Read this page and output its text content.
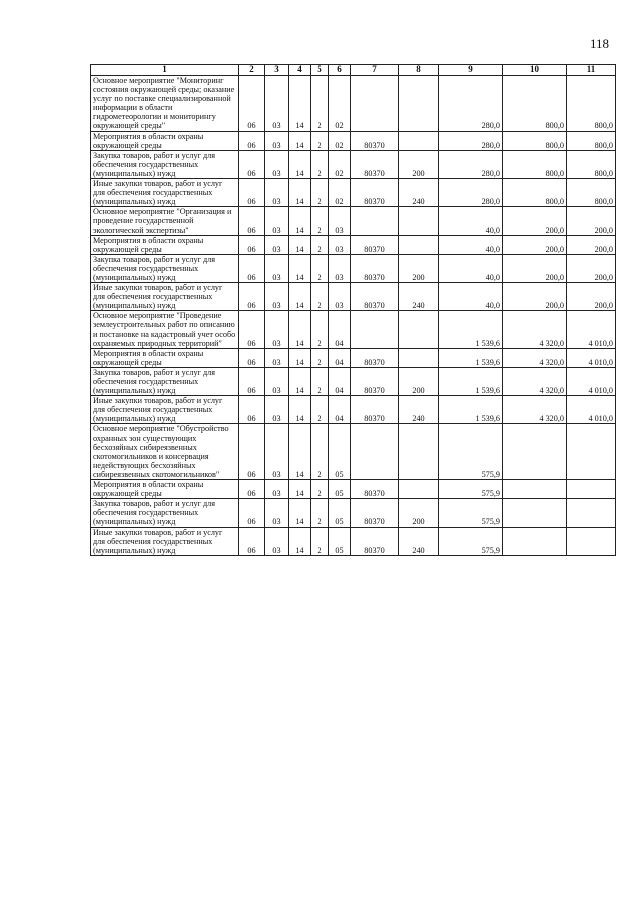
118
1	2	3	4	5	6	7	8	9	10	11
Основное мероприятие "Мониторинг состояния окружающей среды; оказание услуг по поставке специализированной информации в области гидрометеорологии и мониторингу окружающей среды"	06	03	14	2	02			280,0	800,0	800,0
Мероприятия в области охраны окружающей среды	06	03	14	2	02	80370		280,0	800,0	800,0
Закупка товаров, работ и услуг для обеспечения государственных (муниципальных) нужд	06	03	14	2	02	80370	200	280,0	800,0	800,0
Иные закупки товаров, работ и услуг для обеспечения государственных (муниципальных) нужд	06	03	14	2	02	80370	240	280,0	800,0	800,0
Основное мероприятие "Организация и проведение государственной экологической экспертизы"	06	03	14	2	03			40,0	200,0	200,0
Мероприятия в области охраны окружающей среды	06	03	14	2	03	80370		40,0	200,0	200,0
Закупка товаров, работ и услуг для обеспечения государственных (муниципальных) нужд	06	03	14	2	03	80370	200	40,0	200,0	200,0
Иные закупки товаров, работ и услуг для обеспечения государственных (муниципальных) нужд	06	03	14	2	03	80370	240	40,0	200,0	200,0
Основное мероприятие "Проведение землеустроительных работ по описанию и постановке на кадастровый учет особо охраняемых природных территорий"	06	03	14	2	04			1 539,6	4 320,0	4 010,0
Мероприятия в области охраны окружающей среды	06	03	14	2	04	80370		1 539,6	4 320,0	4 010,0
Закупка товаров, работ и услуг для обеспечения государственных (муниципальных) нужд	06	03	14	2	04	80370	200	1 539,6	4 320,0	4 010,0
Иные закупки товаров, работ и услуг для обеспечения государственных (муниципальных) нужд	06	03	14	2	04	80370	240	1 539,6	4 320,0	4 010,0
Основное мероприятие "Обустройство охранных зон существующих бесхозяйных сибиреязвенных скотомогильников и консервация недействующих бесхозяйных сибиреязвенных скотомогильников"	06	03	14	2	05			575,9		
Мероприятия в области охраны окружающей среды	06	03	14	2	05	80370		575,9		
Закупка товаров, работ и услуг для обеспечения государственных (муниципальных) нужд	06	03	14	2	05	80370	200	575,9		
Иные закупки товаров, работ и услуг для обеспечения государственных (муниципальных) нужд	06	03	14	2	05	80370	240	575,9		
